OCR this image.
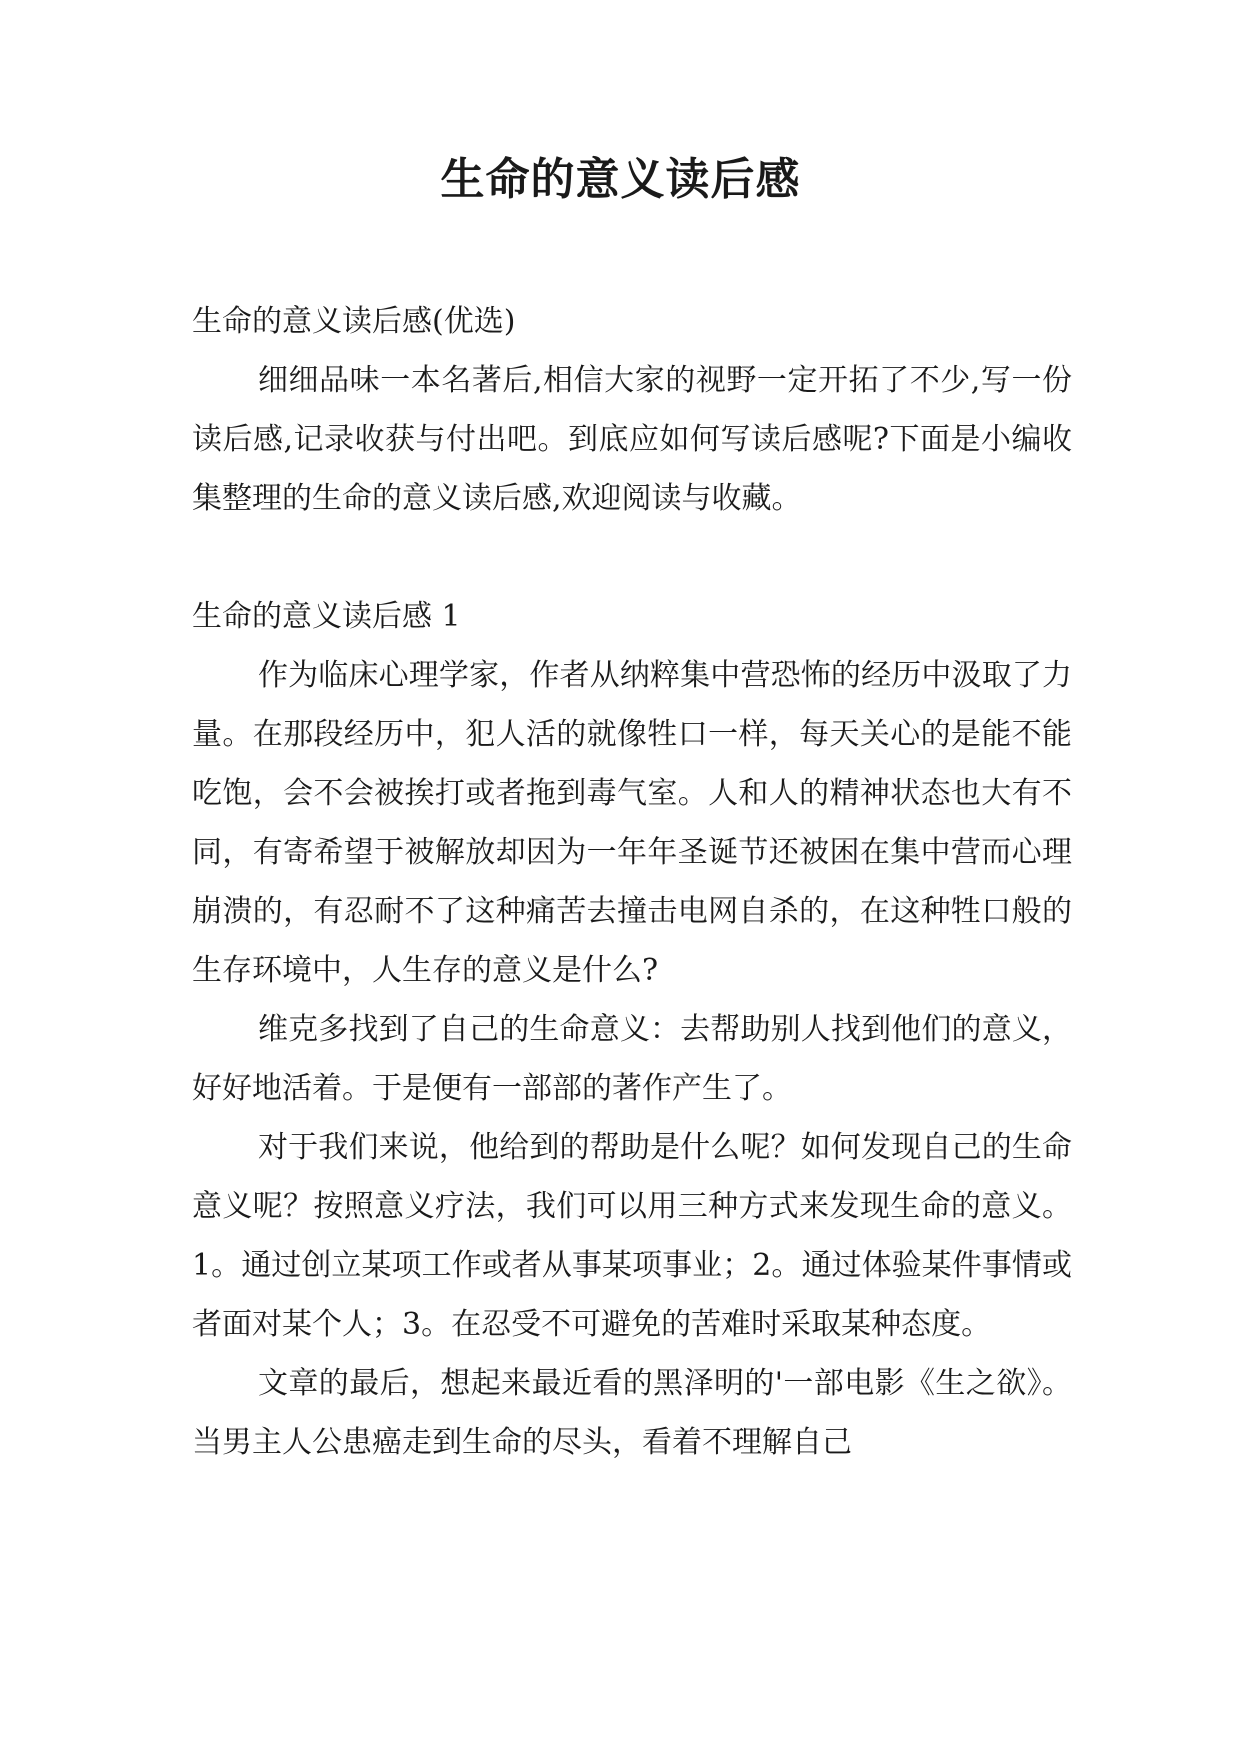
生命的意义读后感

生命的意义读后感(优选)

细细品味一本名著后,相信大家的视野一定开拓了不少,写一份读后感,记录收获与付出吧。到底应如何写读后感呢?下面是小编收集整理的生命的意义读后感,欢迎阅读与收藏。

生命的意义读后感 1

作为临床心理学家，作者从纳粹集中营恐怖的经历中汲取了力量。在那段经历中，犯人活的就像牲口一样，每天关心的是能不能吃饱，会不会被挨打或者拖到毒气室。人和人的精神状态也大有不同，有寄希望于被解放却因为一年年圣诞节还被困在集中营而心理崩溃的，有忍耐不了这种痛苦去撞击电网自杀的，在这种牲口般的生存环境中，人生存的意义是什么?

维克多找到了自己的生命意义：去帮助别人找到他们的意义，好好地活着。于是便有一部部的著作产生了。

对于我们来说，他给到的帮助是什么呢？如何发现自己的生命意义呢？按照意义疗法，我们可以用三种方式来发现生命的意义。1。通过创立某项工作或者从事某项事业；2。通过体验某件事情或者面对某个人；3。在忍受不可避免的苦难时采取某种态度。

文章的最后，想起来最近看的黑泽明的'一部电影《生之欲》。当男主人公患癌走到生命的尽头，看着不理解自己
